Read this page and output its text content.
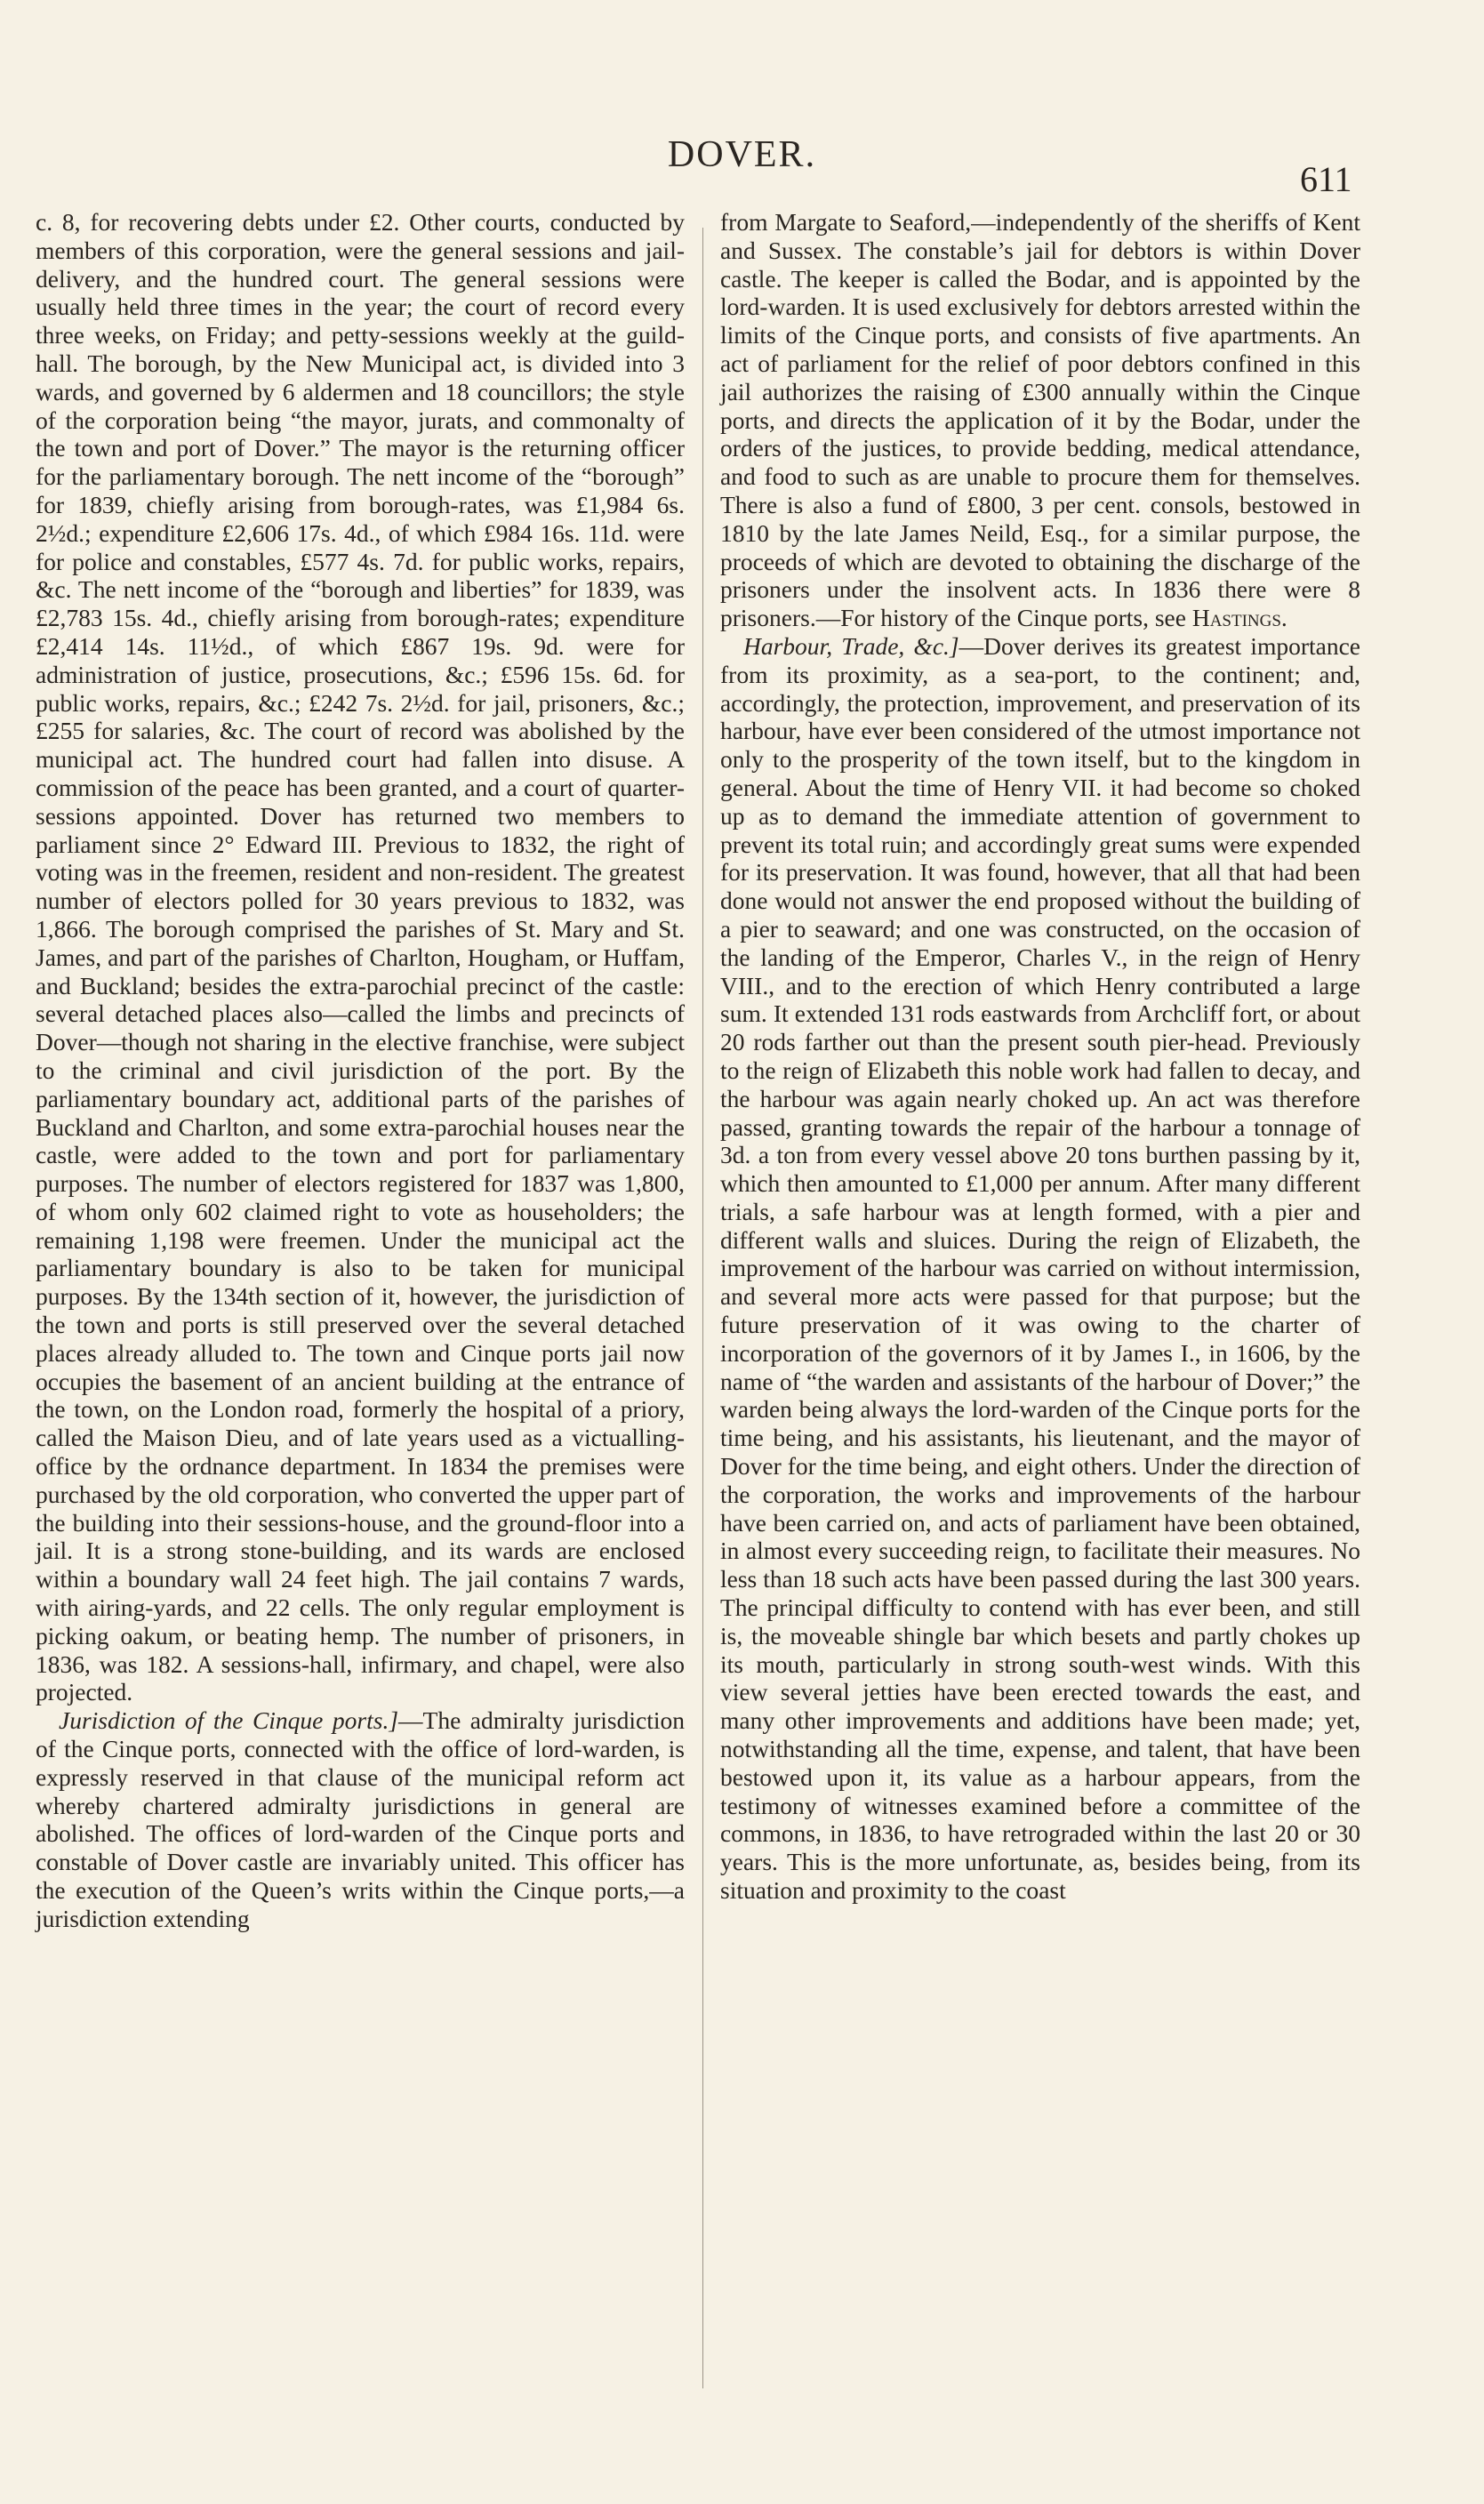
DOVER.
611

c. 8, for recovering debts under £2. Other courts, conducted by members of this corporation, were the general sessions and jail-delivery, and the hundred court. The general sessions were usually held three times in the year; the court of record every three weeks, on Friday; and petty-sessions weekly at the guild-hall. The borough, by the New Municipal act, is divided into 3 wards, and governed by 6 aldermen and 18 councillors; the style of the corporation being “the mayor, jurats, and commonalty of the town and port of Dover.” The mayor is the returning officer for the parliamentary borough. The nett income of the “borough” for 1839, chiefly arising from borough-rates, was £1,984 6s. 2½d.; expenditure £2,606 17s. 4d., of which £984 16s. 11d. were for police and constables, £577 4s. 7d. for public works, repairs, &c. The nett income of the “borough and liberties” for 1839, was £2,783 15s. 4d., chiefly arising from borough-rates; expenditure £2,414 14s. 11½d., of which £867 19s. 9d. were for administration of justice, prosecutions, &c.; £596 15s. 6d. for public works, repairs, &c.; £242 7s. 2½d. for jail, prisoners, &c.; £255 for salaries, &c. The court of record was abolished by the municipal act. The hundred court had fallen into disuse. A commission of the peace has been granted, and a court of quarter-sessions appointed. Dover has returned two members to parliament since 2° Edward III. Previous to 1832, the right of voting was in the freemen, resident and non-resident. The greatest number of electors polled for 30 years previous to 1832, was 1,866. The borough comprised the parishes of St. Mary and St. James, and part of the parishes of Charlton, Hougham, or Huffam, and Buckland; besides the extra-parochial precinct of the castle: several detached places also—called the limbs and precincts of Dover—though not sharing in the elective franchise, were subject to the criminal and civil jurisdiction of the port. By the parliamentary boundary act, additional parts of the parishes of Buckland and Charlton, and some extra-parochial houses near the castle, were added to the town and port for parliamentary purposes. The number of electors registered for 1837 was 1,800, of whom only 602 claimed right to vote as householders; the remaining 1,198 were freemen. Under the municipal act the parliamentary boundary is also to be taken for municipal purposes. By the 134th section of it, however, the jurisdiction of the town and ports is still preserved over the several detached places already alluded to. The town and Cinque ports jail now occupies the basement of an ancient building at the entrance of the town, on the London road, formerly the hospital of a priory, called the Maison Dieu, and of late years used as a victualling-office by the ordnance department. In 1834 the premises were purchased by the old corporation, who converted the upper part of the building into their sessions-house, and the ground-floor into a jail. It is a strong stone-building, and its wards are enclosed within a boundary wall 24 feet high. The jail contains 7 wards, with airing-yards, and 22 cells. The only regular employment is picking oakum, or beating hemp. The number of prisoners, in 1836, was 182. A sessions-hall, infirmary, and chapel, were also projected.

Jurisdiction of the Cinque ports.]—The admiralty jurisdiction of the Cinque ports, connected with the office of lord-warden, is expressly reserved in that clause of the municipal reform act whereby chartered admiralty jurisdictions in general are abolished. The offices of lord-warden of the Cinque ports and constable of Dover castle are invariably united. This officer has the execution of the Queen’s writs within the Cinque ports,—a jurisdiction extending

from Margate to Seaford,—independently of the sheriffs of Kent and Sussex. The constable’s jail for debtors is within Dover castle. The keeper is called the Bodar, and is appointed by the lord-warden. It is used exclusively for debtors arrested within the limits of the Cinque ports, and consists of five apartments. An act of parliament for the relief of poor debtors confined in this jail authorizes the raising of £300 annually within the Cinque ports, and directs the application of it by the Bodar, under the orders of the justices, to provide bedding, medical attendance, and food to such as are unable to procure them for themselves. There is also a fund of £800, 3 per cent. consols, bestowed in 1810 by the late James Neild, Esq., for a similar purpose, the proceeds of which are devoted to obtaining the discharge of the prisoners under the insolvent acts. In 1836 there were 8 prisoners.—For history of the Cinque ports, see Hastings.

Harbour, Trade, &c.]—Dover derives its greatest importance from its proximity, as a sea-port, to the continent; and, accordingly, the protection, improvement, and preservation of its harbour, have ever been considered of the utmost importance not only to the prosperity of the town itself, but to the kingdom in general. About the time of Henry VII. it had become so choked up as to demand the immediate attention of government to prevent its total ruin; and accordingly great sums were expended for its preservation. It was found, however, that all that had been done would not answer the end proposed without the building of a pier to seaward; and one was constructed, on the occasion of the landing of the Emperor, Charles V., in the reign of Henry VIII., and to the erection of which Henry contributed a large sum. It extended 131 rods eastwards from Archcliff fort, or about 20 rods farther out than the present south pier-head. Previously to the reign of Elizabeth this noble work had fallen to decay, and the harbour was again nearly choked up. An act was therefore passed, granting towards the repair of the harbour a tonnage of 3d. a ton from every vessel above 20 tons burthen passing by it, which then amounted to £1,000 per annum. After many different trials, a safe harbour was at length formed, with a pier and different walls and sluices. During the reign of Elizabeth, the improvement of the harbour was carried on without intermission, and several more acts were passed for that purpose; but the future preservation of it was owing to the charter of incorporation of the governors of it by James I., in 1606, by the name of “the warden and assistants of the harbour of Dover;” the warden being always the lord-warden of the Cinque ports for the time being, and his assistants, his lieutenant, and the mayor of Dover for the time being, and eight others. Under the direction of the corporation, the works and improvements of the harbour have been carried on, and acts of parliament have been obtained, in almost every succeeding reign, to facilitate their measures. No less than 18 such acts have been passed during the last 300 years. The principal difficulty to contend with has ever been, and still is, the moveable shingle bar which besets and partly chokes up its mouth, particularly in strong south-west winds. With this view several jetties have been erected towards the east, and many other improvements and additions have been made; yet, notwithstanding all the time, expense, and talent, that have been bestowed upon it, its value as a harbour appears, from the testimony of witnesses examined before a committee of the commons, in 1836, to have retrograded within the last 20 or 30 years. This is the more unfortunate, as, besides being, from its situation and proximity to the coast
